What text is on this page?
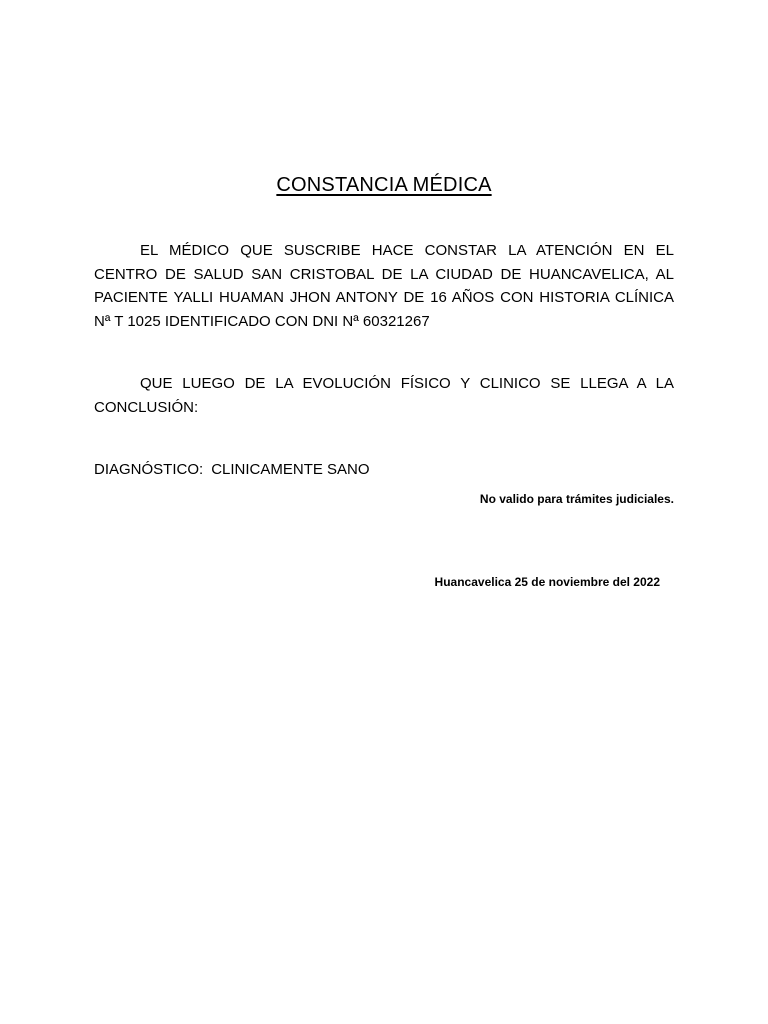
CONSTANCIA MÉDICA

EL MÉDICO QUE SUSCRIBE HACE CONSTAR LA ATENCIÓN EN EL CENTRO DE SALUD SAN CRISTOBAL DE LA CIUDAD DE HUANCAVELICA, AL PACIENTE YALLI HUAMAN JHON ANTONY DE 16 AÑOS CON HISTORIA CLÍNICA Nª T 1025 IDENTIFICADO CON DNI Nª 60321267

QUE LUEGO DE LA EVOLUCIÓN FÍSICO Y CLINICO SE LLEGA A LA CONCLUSIÓN:

DIAGNÓSTICO: CLINICAMENTE SANO
No valido para trámites judiciales.
Huancavelica 25 de noviembre del 2022
